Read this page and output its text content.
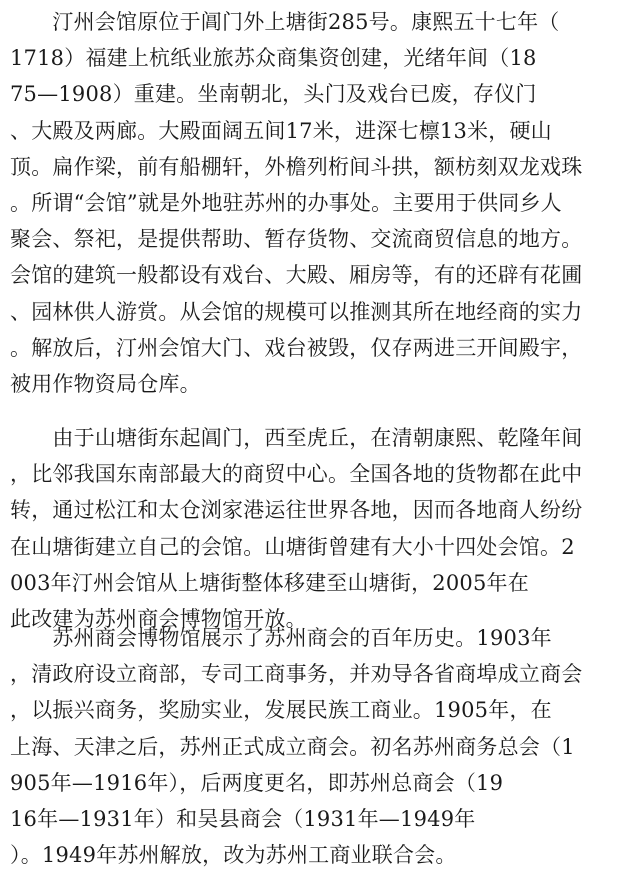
　　汀州会馆原位于阊门外上塘街285号。康熙五十七年（
1718）福建上杭纸业旅苏众商集资创建，光绪年间（18
75—1908）重建。坐南朝北，头门及戏台已废，存仪门
、大殿及两廊。大殿面阔五间17米，进深七檩13米，硬山
顶。扁作梁，前有船棚轩，外檐列桁间斗拱，额枋刻双龙戏珠
。所谓“会馆”就是外地驻苏州的办事处。主要用于供同乡人
聚会、祭祀，是提供帮助、暂存货物、交流商贸信息的地方。
会馆的建筑一般都设有戏台、大殿、厢房等，有的还辟有花圃
、园林供人游赏。从会馆的规模可以推测其所在地经商的实力
。解放后，汀州会馆大门、戏台被毁，仅存两进三开间殿宇，
被用作物资局仓库。
　　由于山塘街东起阊门，西至虎丘，在清朝康熙、乾隆年间
，比邻我国东南部最大的商贸中心。全国各地的货物都在此中
转，通过松江和太仓浏家港运往世界各地，因而各地商人纷纷
在山塘街建立自己的会馆。山塘街曾建有大小十四处会馆。2
003年汀州会馆从上塘街整体移建至山塘街，2005年在
此改建为苏州商会博物馆开放。
　　苏州商会博物馆展示了苏州商会的百年历史。1903年
，清政府设立商部，专司工商事务，并劝导各省商埠成立商会
，以振兴商务，奖励实业，发展民族工商业。1905年，在
上海、天津之后，苏州正式成立商会。初名苏州商务总会（1
905年—1916年），后两度更名，即苏州总商会（19
16年—1931年）和吴县商会（1931年—1949年
）。1949年苏州解放，改为苏州工商业联合会。
